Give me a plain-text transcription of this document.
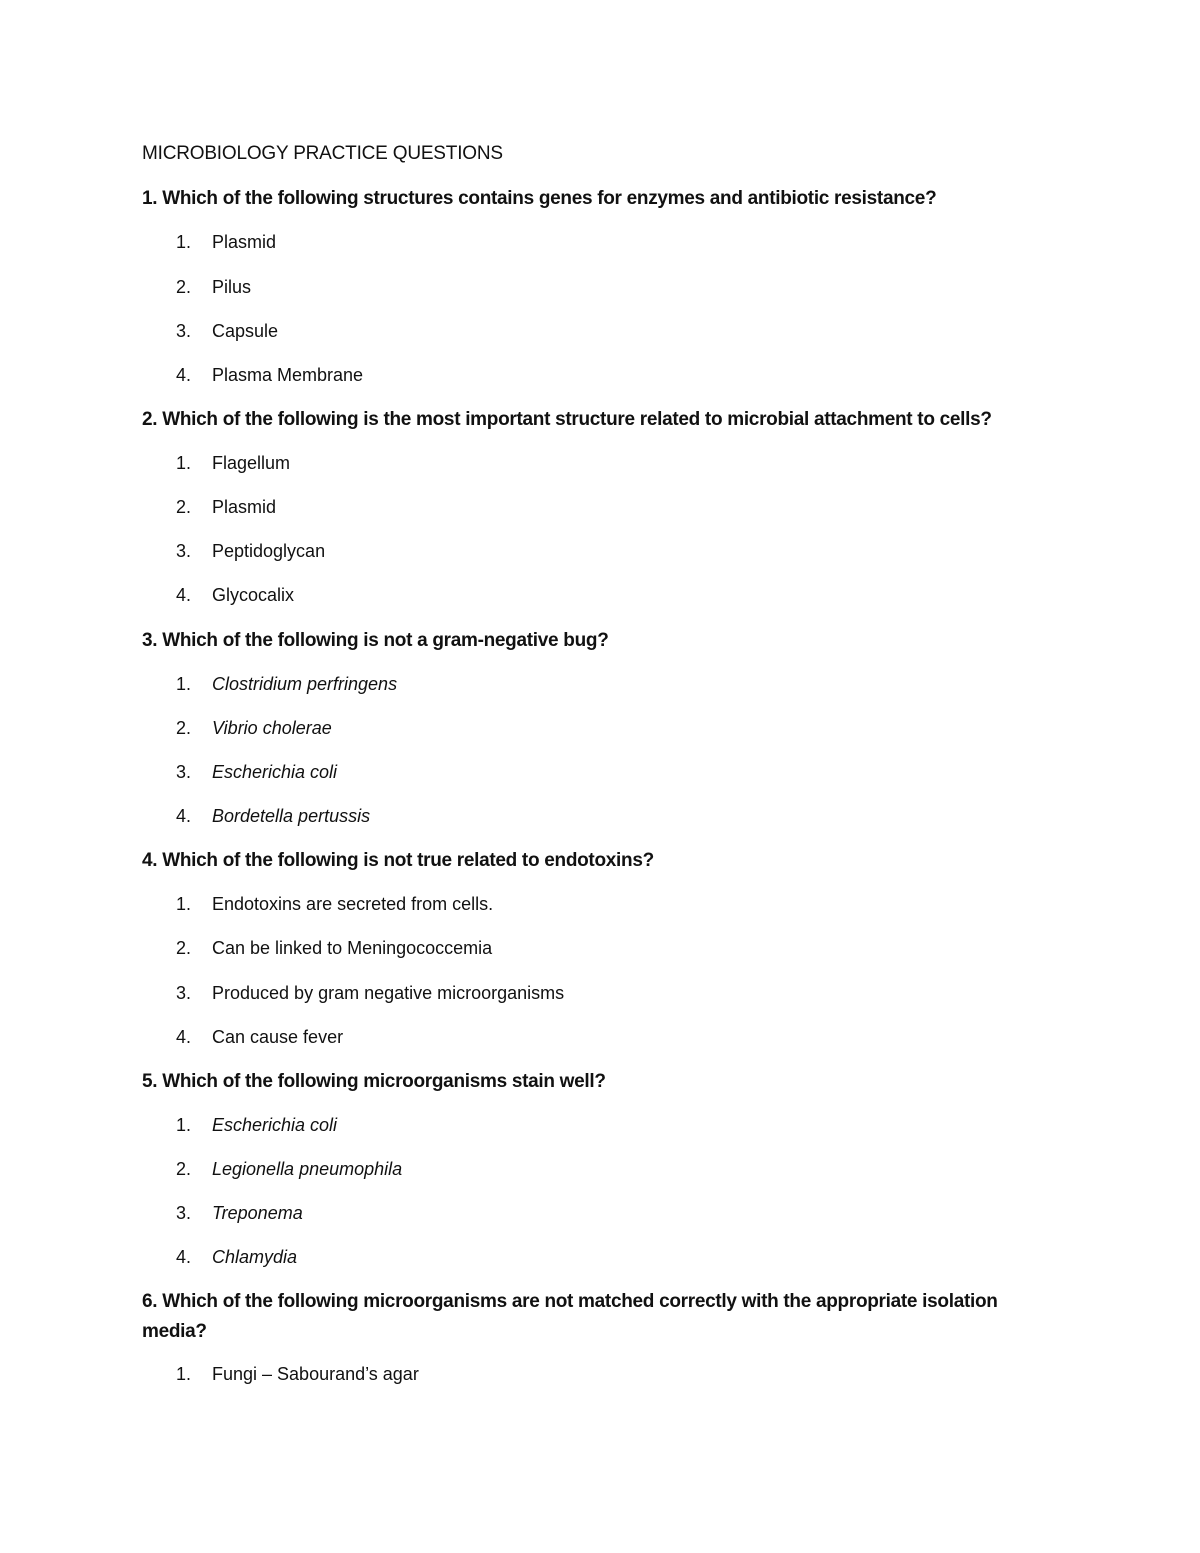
MICROBIOLOGY PRACTICE QUESTIONS
1. Which of the following structures contains genes for enzymes and antibiotic resistance?
1. Plasmid
2. Pilus
3. Capsule
4. Plasma Membrane
2. Which of the following is the most important structure related to microbial attachment to cells?
1. Flagellum
2. Plasmid
3. Peptidoglycan
4. Glycocalix
3. Which of the following is not a gram-negative bug?
1. Clostridium perfringens
2. Vibrio cholerae
3. Escherichia coli
4. Bordetella pertussis
4. Which of the following is not true related to endotoxins?
1. Endotoxins are secreted from cells.
2. Can be linked to Meningococcemia
3. Produced by gram negative microorganisms
4. Can cause fever
5. Which of the following microorganisms stain well?
1. Escherichia coli
2. Legionella pneumophila
3. Treponema
4. Chlamydia
6. Which of the following microorganisms are not matched correctly with the appropriate isolation media?
1. Fungi – Sabourand’s agar
